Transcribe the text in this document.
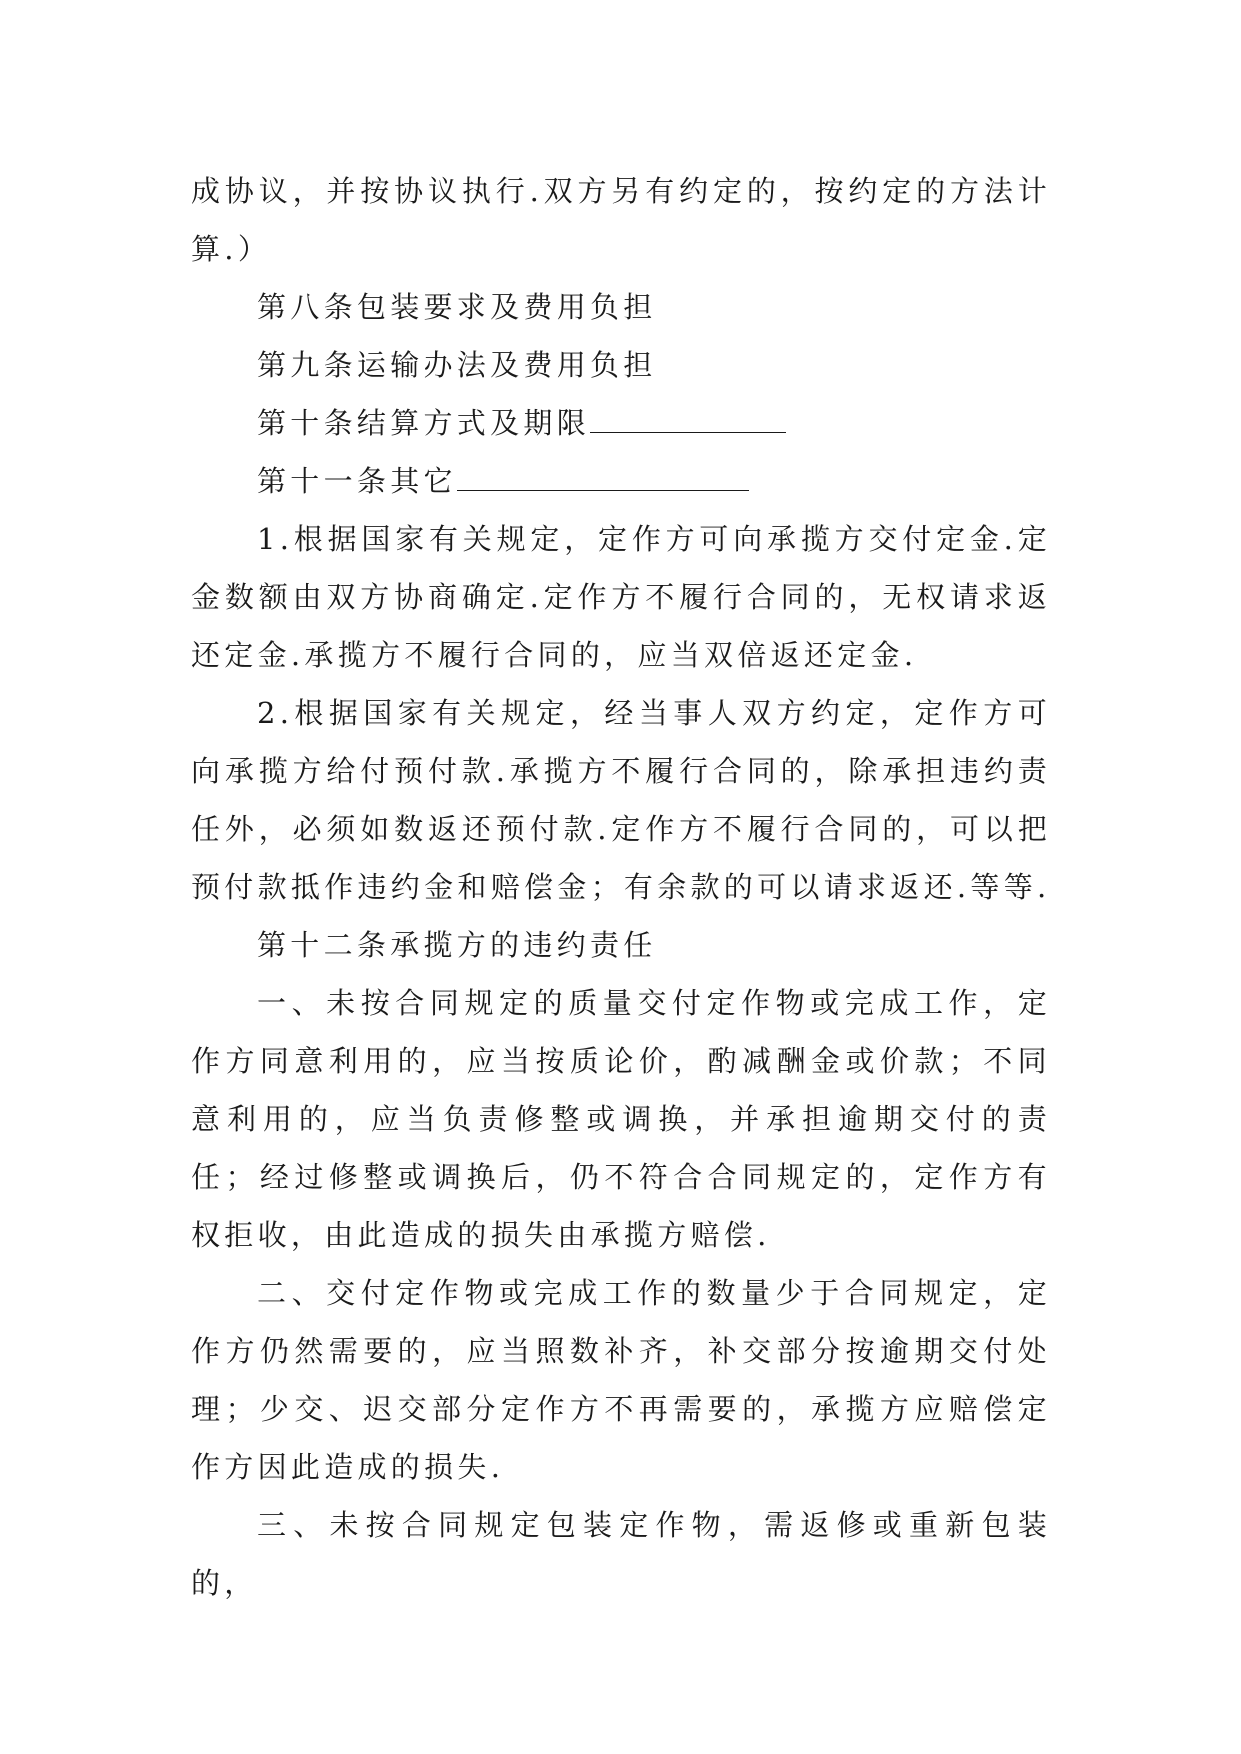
成协议，并按协议执行.双方另有约定的，按约定的方法计算.）

第八条包装要求及费用负担

第九条运输办法及费用负担

第十条结算方式及期限

第十一条其它

1.根据国家有关规定，定作方可向承揽方交付定金.定金数额由双方协商确定.定作方不履行合同的，无权请求返还定金.承揽方不履行合同的，应当双倍返还定金.

2.根据国家有关规定，经当事人双方约定，定作方可向承揽方给付预付款.承揽方不履行合同的，除承担违约责任外，必须如数返还预付款.定作方不履行合同的，可以把预付款抵作违约金和赔偿金；有余款的可以请求返还.等等.

第十二条承揽方的违约责任

一、未按合同规定的质量交付定作物或完成工作，定作方同意利用的，应当按质论价，酌减酬金或价款；不同意利用的，应当负责修整或调换，并承担逾期交付的责任；经过修整或调换后，仍不符合合同规定的，定作方有权拒收，由此造成的损失由承揽方赔偿.

二、交付定作物或完成工作的数量少于合同规定，定作方仍然需要的，应当照数补齐，补交部分按逾期交付处理；少交、迟交部分定作方不再需要的，承揽方应赔偿定作方因此造成的损失.

三、未按合同规定包装定作物，需返修或重新包装的，
